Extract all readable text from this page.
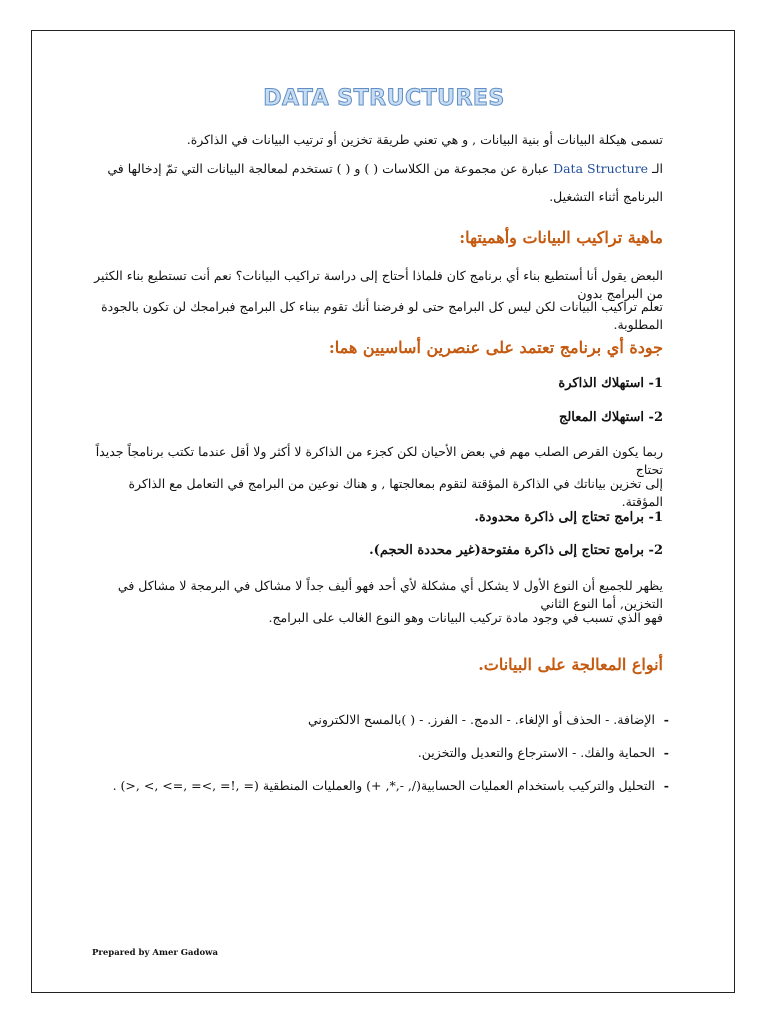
DATA STRUCTURES
تسمى هيكلة البيانات أو بنية البيانات , و هي تعني طريقة تخزين أو ترتيب البيانات في الذاكرة.
الـ Data Structure عبارة عن مجموعة من الكلاسات ( ) و ( ) تستخدم لمعالجة البيانات التي تمّ إدخالها في
البرنامج أثناء التشغيل.
ماهية تراكيب البيانات وأهميتها:
البعض يقول أنا أستطيع بناء أي برنامج كان فلماذا أحتاج إلى دراسة تراكيب البيانات؟ نعم أنت تستطيع بناء الكثير من البرامج بدون
تعلم تراكيب البيانات لكن ليس كل البرامج حتى لو فرضنا أنك تقوم ببناء كل البرامج فبرامجك لن تكون بالجودة المطلوبة.
جودة أي برنامج تعتمد على عنصرين أساسيين هما:
1- استهلاك الذاكرة
2- استهلاك المعالج
ربما يكون القرص الصلب مهم في بعض الأحيان لكن كجزء من الذاكرة لا أكثر ولا أقل عندما تكتب برنامجاً جديداً تحتاج
إلى تخزين بياناتك في الذاكرة المؤقتة لتقوم بمعالجتها , و هناك نوعين من البرامج في التعامل مع الذاكرة المؤقتة.
1- برامج تحتاج إلى ذاكرة محدودة.
2- برامج تحتاج إلى ذاكرة مفتوحة(غير محددة الحجم).
يظهر للجميع أن النوع الأول لا يشكل أي مشكلة لأي أحد فهو أليف جداً لا مشاكل في البرمجة لا مشاكل في التخزين, أما النوع الثاني
فهو الذي تسبب في وجود مادة تركيب البيانات وهو النوع الغالب على البرامج.
أنواع المعالجة على البيانات.
-
الإضافة. - الحذف أو الإلغاء. - الدمج. - الفرز. - ( )بالمسح الالكتروني
-
الحماية والفك. - الاسترجاع والتعديل والتخزين.
-
التحليل والتركيب باستخدام العمليات الحسابية(/, -,*, +) والعمليات المنطقية (= ,!= ,>= ,=> ,> ,<) .
Prepared by Amer Gadowa
